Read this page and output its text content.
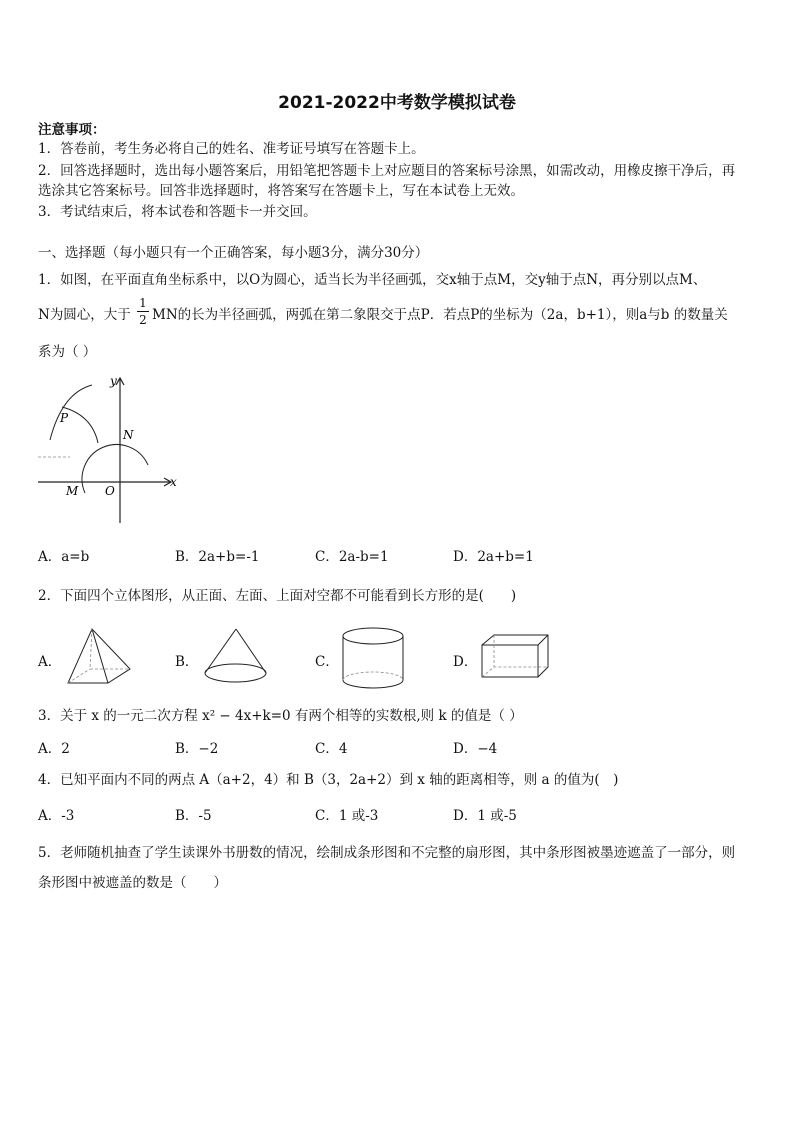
2021-2022中考数学模拟试卷
注意事项：
1．答卷前，考生务必将自己的姓名、准考证号填写在答题卡上。
2．回答选择题时，选出每小题答案后，用铅笔把答题卡上对应题目的答案标号涂黑，如需改动，用橡皮擦干净后，再
选涂其它答案标号。回答非选择题时，将答案写在答题卡上，写在本试卷上无效。
3．考试结束后，将本试卷和答题卡一并交回。
一、选择题（每小题只有一个正确答案，每小题3分，满分30分）
1．如图，在平面直角坐标系中，以O为圆心，适当长为半径画弧，交x轴于点M，交y轴于点N，再分别以点M、
N为圆心，大于
1
2 MN的长为半径画弧，两弧在第二象限交于点P．若点P的坐标为（2a，b+1），则a与b 的数量关
系为（ ）
y
x
P
N
M O
A．a=b	B．2a+b=-1	C．2a-b=1	D．2a+b=1
2．下面四个立体图形，从正面、左面、上面对空都不可能看到长方形的是(　　)
A．	B．	C．	D．
3．关于 x 的一元二次方程 x² − 4x+k=0 有两个相等的实数根,则 k 的值是（ ）
A．2	B．−2	C．4	D．−4
4．已知平面内不同的两点 A（a+2，4）和 B（3，2a+2）到 x 轴的距离相等，则 a 的值为(　)
A．-3	B．-5	C．1 或-3	D．1 或-5
5．老师随机抽查了学生读课外书册数的情况，绘制成条形图和不完整的扇形图，其中条形图被墨迹遮盖了一部分，则
条形图中被遮盖的数是（　　）
